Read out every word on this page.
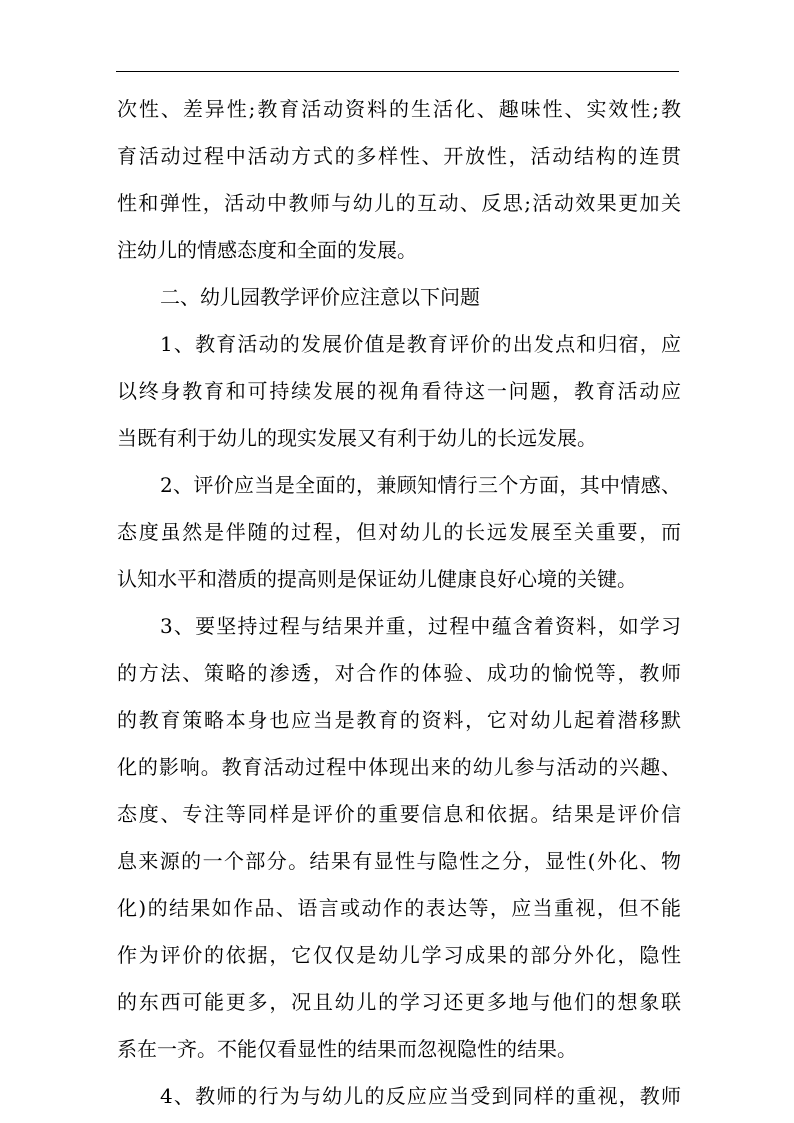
次性、差异性;教育活动资料的生活化、趣味性、实效性;教
育活动过程中活动方式的多样性、开放性，活动结构的连贯
性和弹性，活动中教师与幼儿的互动、反思;活动效果更加关
注幼儿的情感态度和全面的发展。
二、幼儿园教学评价应注意以下问题
1、教育活动的发展价值是教育评价的出发点和归宿，应
以终身教育和可持续发展的视角看待这一问题，教育活动应
当既有利于幼儿的现实发展又有利于幼儿的长远发展。
2、评价应当是全面的，兼顾知情行三个方面，其中情感、
态度虽然是伴随的过程，但对幼儿的长远发展至关重要，而
认知水平和潜质的提高则是保证幼儿健康良好心境的关键。
3、要坚持过程与结果并重，过程中蕴含着资料，如学习
的方法、策略的渗透，对合作的体验、成功的愉悦等，教师
的教育策略本身也应当是教育的资料，它对幼儿起着潜移默
化的影响。教育活动过程中体现出来的幼儿参与活动的兴趣、
态度、专注等同样是评价的重要信息和依据。结果是评价信
息来源的一个部分。结果有显性与隐性之分，显性(外化、物
化)的结果如作品、语言或动作的表达等，应当重视，但不能
作为评价的依据，它仅仅是幼儿学习成果的部分外化，隐性
的东西可能更多，况且幼儿的学习还更多地与他们的想象联
系在一齐。不能仅看显性的结果而忽视隐性的结果。
4、教师的行为与幼儿的反应应当受到同样的重视，教师
